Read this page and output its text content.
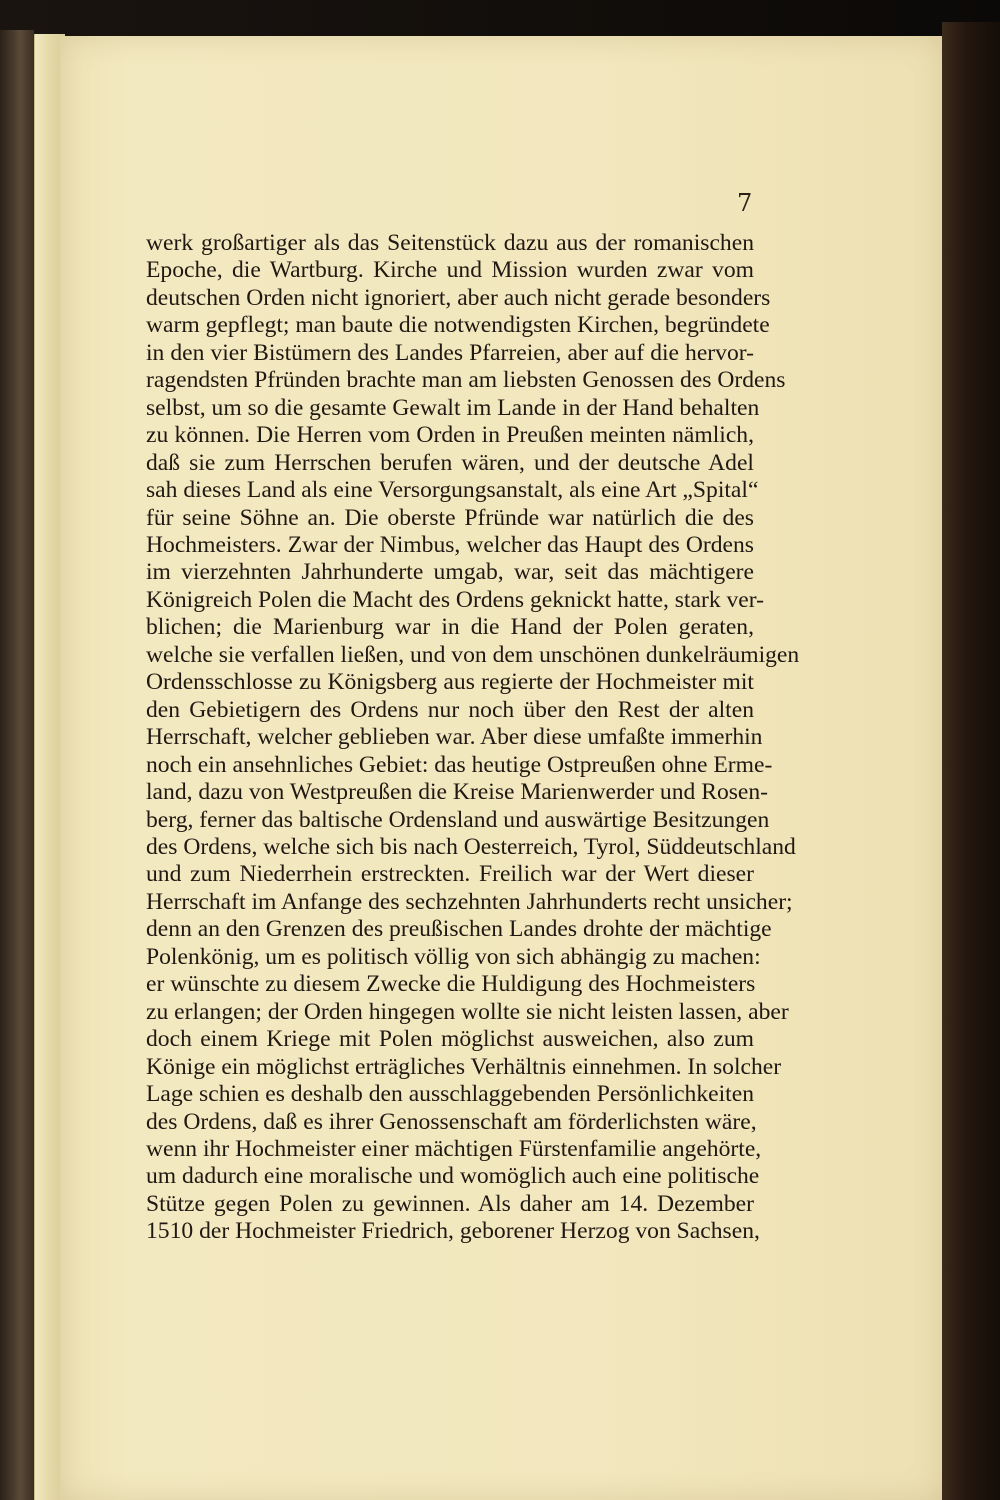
7
werk großartiger als das Seitenstück dazu aus der romanischen
Epoche, die Wartburg. Kirche und Mission wurden zwar vom
deutschen Orden nicht ignoriert, aber auch nicht gerade besonders
warm gepflegt; man baute die notwendigsten Kirchen, begründete
in den vier Bistümern des Landes Pfarreien, aber auf die hervor-
ragendsten Pfründen brachte man am liebsten Genossen des Ordens
selbst, um so die gesamte Gewalt im Lande in der Hand behalten
zu können. Die Herren vom Orden in Preußen meinten nämlich,
daß sie zum Herrschen berufen wären, und der deutsche Adel
sah dieses Land als eine Versorgungsanstalt, als eine Art „Spital“
für seine Söhne an. Die oberste Pfründe war natürlich die des
Hochmeisters. Zwar der Nimbus, welcher das Haupt des Ordens
im vierzehnten Jahrhunderte umgab, war, seit das mächtigere
Königreich Polen die Macht des Ordens geknickt hatte, stark ver-
blichen; die Marienburg war in die Hand der Polen geraten,
welche sie verfallen ließen, und von dem unschönen dunkelräumigen
Ordensschlosse zu Königsberg aus regierte der Hochmeister mit
den Gebietigern des Ordens nur noch über den Rest der alten
Herrschaft, welcher geblieben war. Aber diese umfaßte immerhin
noch ein ansehnliches Gebiet: das heutige Ostpreußen ohne Erme-
land, dazu von Westpreußen die Kreise Marienwerder und Rosen-
berg, ferner das baltische Ordensland und auswärtige Besitzungen
des Ordens, welche sich bis nach Oesterreich, Tyrol, Süddeutschland
und zum Niederrhein erstreckten. Freilich war der Wert dieser
Herrschaft im Anfange des sechzehnten Jahrhunderts recht unsicher;
denn an den Grenzen des preußischen Landes drohte der mächtige
Polenkönig, um es politisch völlig von sich abhängig zu machen:
er wünschte zu diesem Zwecke die Huldigung des Hochmeisters
zu erlangen; der Orden hingegen wollte sie nicht leisten lassen, aber
doch einem Kriege mit Polen möglichst ausweichen, also zum
Könige ein möglichst erträgliches Verhältnis einnehmen. In solcher
Lage schien es deshalb den ausschlaggebenden Persönlichkeiten
des Ordens, daß es ihrer Genossenschaft am förderlichsten wäre,
wenn ihr Hochmeister einer mächtigen Fürstenfamilie angehörte,
um dadurch eine moralische und womöglich auch eine politische
Stütze gegen Polen zu gewinnen. Als daher am 14. Dezember
1510 der Hochmeister Friedrich, geborener Herzog von Sachsen,
